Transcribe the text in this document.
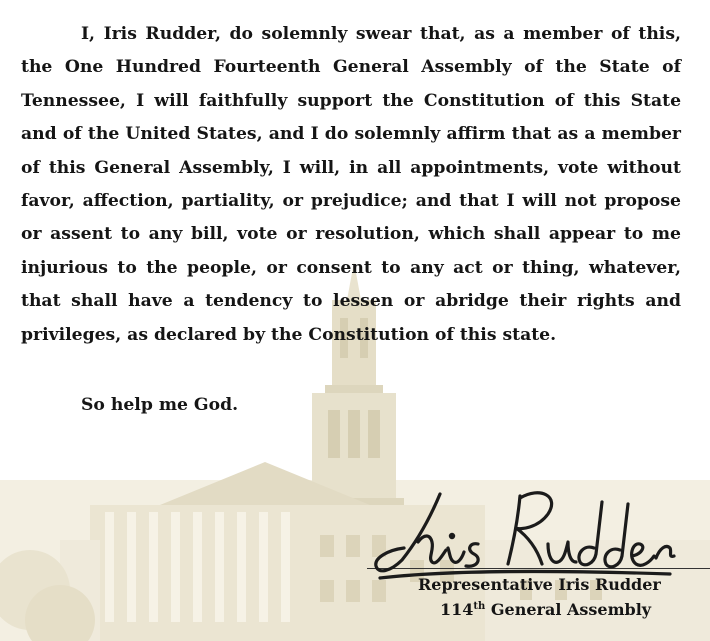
I, Iris Rudder, do solemnly swear that, as a member of this, the One Hundred Fourteenth General Assembly of the State of Tennessee, I will faithfully support the Constitution of this State and of the United States, and I do solemnly affirm that as a member of this General Assembly, I will, in all appointments, vote without favor, affection, partiality, or prejudice; and that I will not propose or assent to any bill, vote or resolution, which shall appear to me injurious to the people, or consent to any act or thing, whatever, that shall have a tendency to lessen or abridge their rights and privileges, as declared by the Constitution of this state.

So help me God.

Representative Iris Rudder

114th General Assembly
